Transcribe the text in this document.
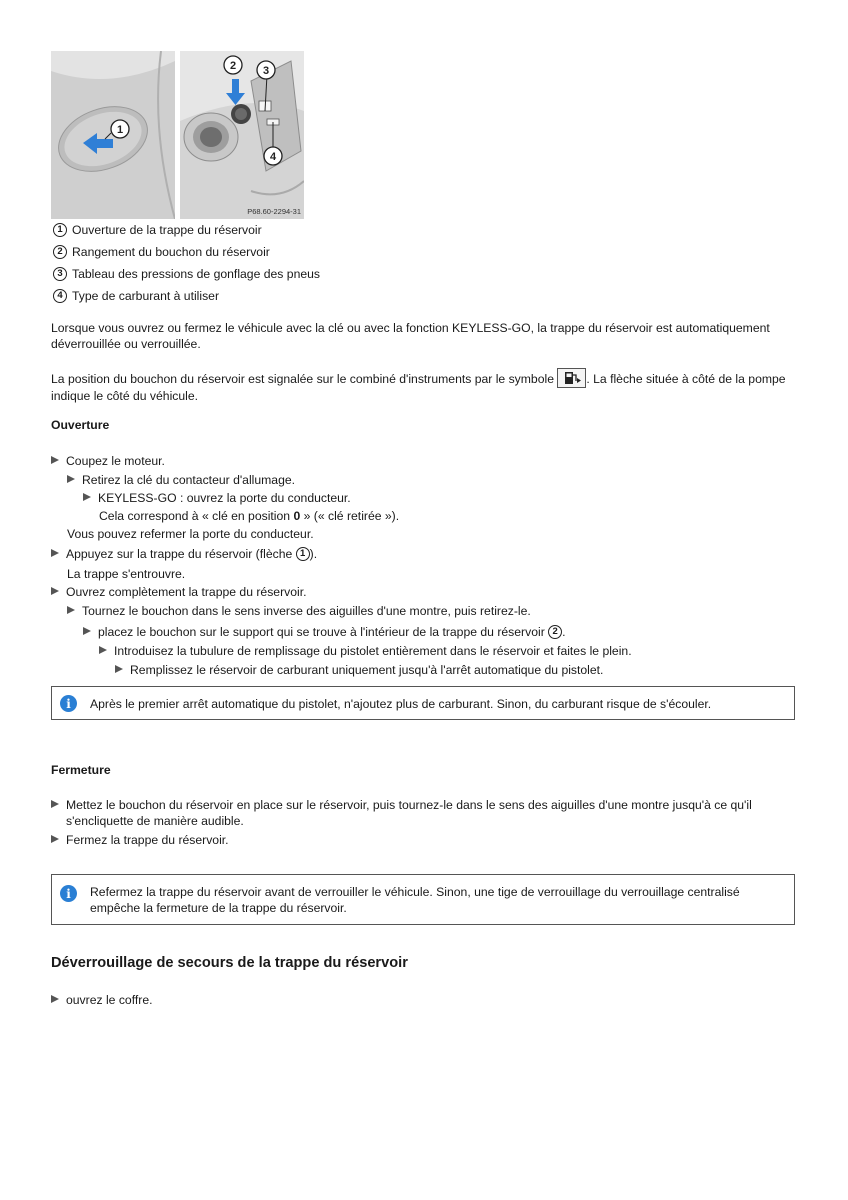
1
2 3
4
P68.60-2294-31
1 Ouverture de la trappe du réservoir
2 Rangement du bouchon du réservoir
3 Tableau des pressions de gonflage des pneus
4 Type de carburant à utiliser
Lorsque vous ouvrez ou fermez le véhicule avec la clé ou avec la fonction KEYLESS-GO, la trappe du réservoir est automatiquement déverrouillée ou verrouillée.
La position du bouchon du réservoir est signalée sur le combiné d'instruments par le symbole	. La flèche située à côté de la pompe indique le côté du véhicule.
Ouverture
Coupez le moteur.
Retirez la clé du contacteur d'allumage.
KEYLESS-GO : ouvrez la porte du conducteur.
Cela correspond à « clé en position 0 » (« clé retirée »).
Vous pouvez refermer la porte du conducteur.
Appuyez sur la trappe du réservoir (flèche 1 ).
La trappe s'entrouvre.
Ouvrez complètement la trappe du réservoir.
Tournez le bouchon dans le sens inverse des aiguilles d'une montre, puis retirez-le.
placez le bouchon sur le support qui se trouve à l'intérieur de la trappe du réservoir 2 .
Introduisez la tubulure de remplissage du pistolet entièrement dans le réservoir et faites le plein.
Remplissez le réservoir de carburant uniquement jusqu'à l'arrêt automatique du pistolet.
i	Après le premier arrêt automatique du pistolet, n'ajoutez plus de carburant. Sinon, du carburant risque de s'écouler.
Fermeture
Mettez le bouchon du réservoir en place sur le réservoir, puis tournez-le dans le sens des aiguilles d'une montre jusqu'à ce qu'il s'encliquette de manière audible.
Fermez la trappe du réservoir.
i	Refermez la trappe du réservoir avant de verrouiller le véhicule. Sinon, une tige de verrouillage du verrouillage centralisé empêche la fermeture de la trappe du réservoir.
Déverrouillage de secours de la trappe du réservoir
ouvrez le coffre.
